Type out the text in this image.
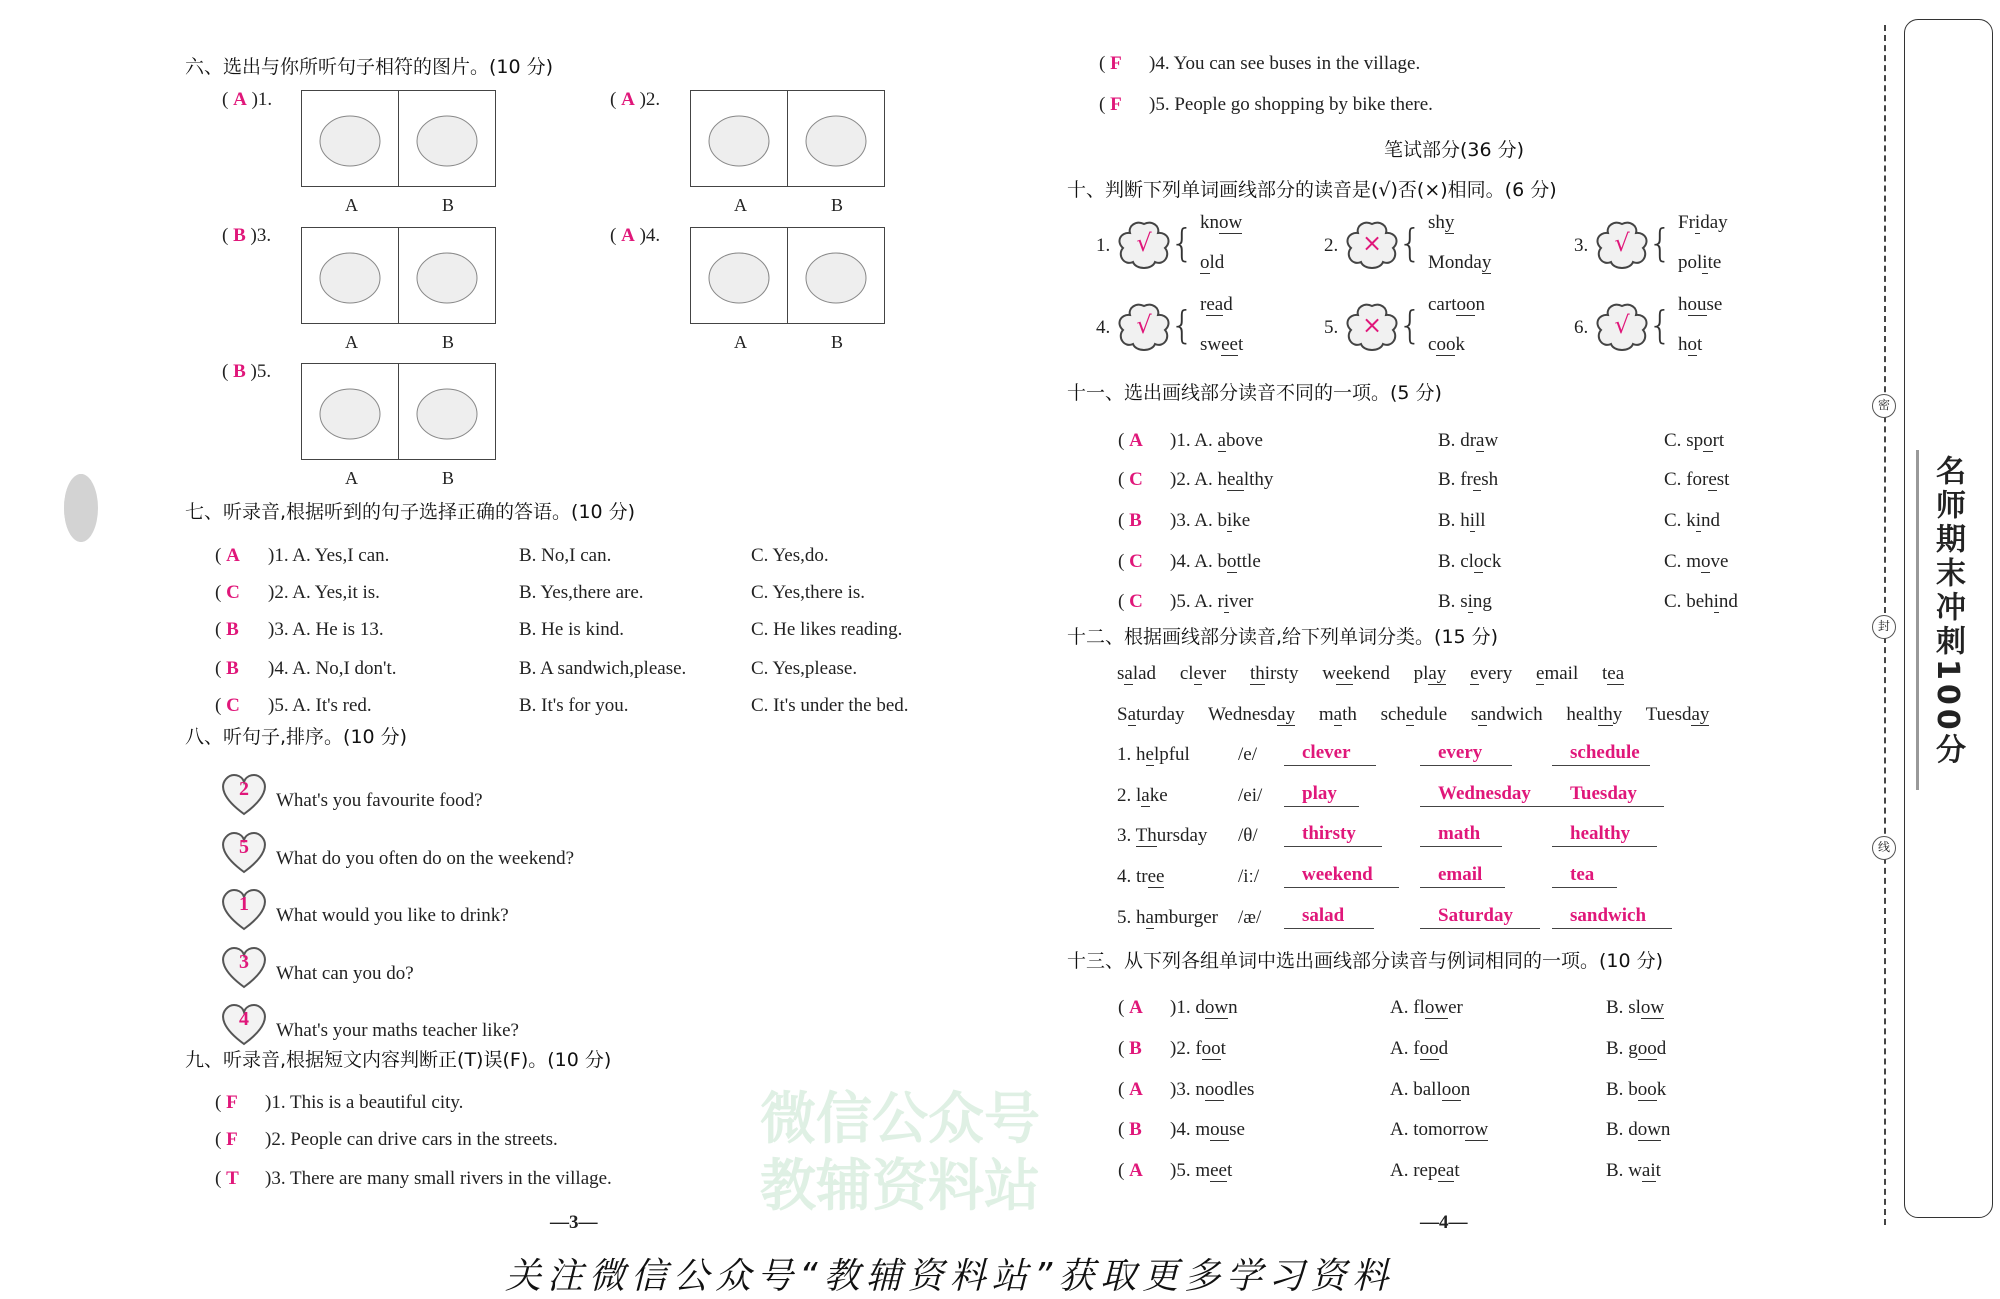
微信公众号
教辅资料站
六、选出与你所听句子相符的图片。(10 分)
( A )1.
A	B
( A )2.
A	B
( B )3.
A	B
( A )4.
A	B
( B )5.
A	B
七、听录音,根据听到的句子选择正确的答语。(10 分)
( A )1. A. Yes,I can.	B. No,I can.	C. Yes,do.
( C )2. A. Yes,it is.	B. Yes,there are.	C. Yes,there is.
( B )3. A. He is 13.	B. He is kind.	C. He likes reading.
( B )4. A. No,I don't.	B. A sandwich,please.	C. Yes,please.
( C )5. A. It's red.	B. It's for you.	C. It's under the bed.
八、听句子,排序。(10 分)
2
What's you favourite food?
5
What do you often do on the weekend?
1
What would you like to drink?
3
What can you do?
4
What's your maths teacher like?
九、听录音,根据短文内容判断正(T)误(F)。(10 分)
( F )1. This is a beautiful city.
( F )2. People can drive cars in the streets.
( T )3. There are many small rivers in the village.
( F )4. You can see buses in the village.
( F )5. People go shopping by bike there.
笔试部分(36 分)
十、判断下列单词画线部分的读音是(√)否(×)相同。(6 分)
1.	√ { know
old
2. × { shy
Monday
3.	√ { Friday
polite
4.	√ { read
sweet
5. × { cartoon
cook
6.	√ { house
hot
十一、选出画线部分读音不同的一项。(5 分)
( A )1. A. above	B. draw	C. sport
( C )2. A. healthy	B. fresh	C. forest
( B )3. A. bike	B. hill	C. kind
( C )4. A. bottle	B. clock	C. move
( C )5. A. river	B. sing	C. behind
十二、根据画线部分读音,给下列单词分类。(15 分)
salad  clever  thirsty  weekend  play  every  email  tea 
Saturday  Wednesday  math  schedule  sandwich  healthy  Tuesday 
1. helpful	/e/	clever	every	schedule
2. lake	/ei/	play	Wednesday	Tuesday
3. Thursday /θ/	thirsty	math	healthy
4. tree	/iː/	weekend	email	tea
5. hamburger /æ/	salad	Saturday	sandwich
十三、从下列各组单词中选出画线部分读音与例词相同的一项。(10 分)
( A )1. down	A. flower	B. slow
( B )2. foot	A. food	B. good
( A )3. noodles	A. balloon	B. book
( B )4. mouse	A. tomorrow	B. down
( A )5. meet	A. repeat	B. wait
—3—	—4—
关注微信公众号“教辅资料站”获取更多学习资料
密
封
线
名师期末冲刺100分
